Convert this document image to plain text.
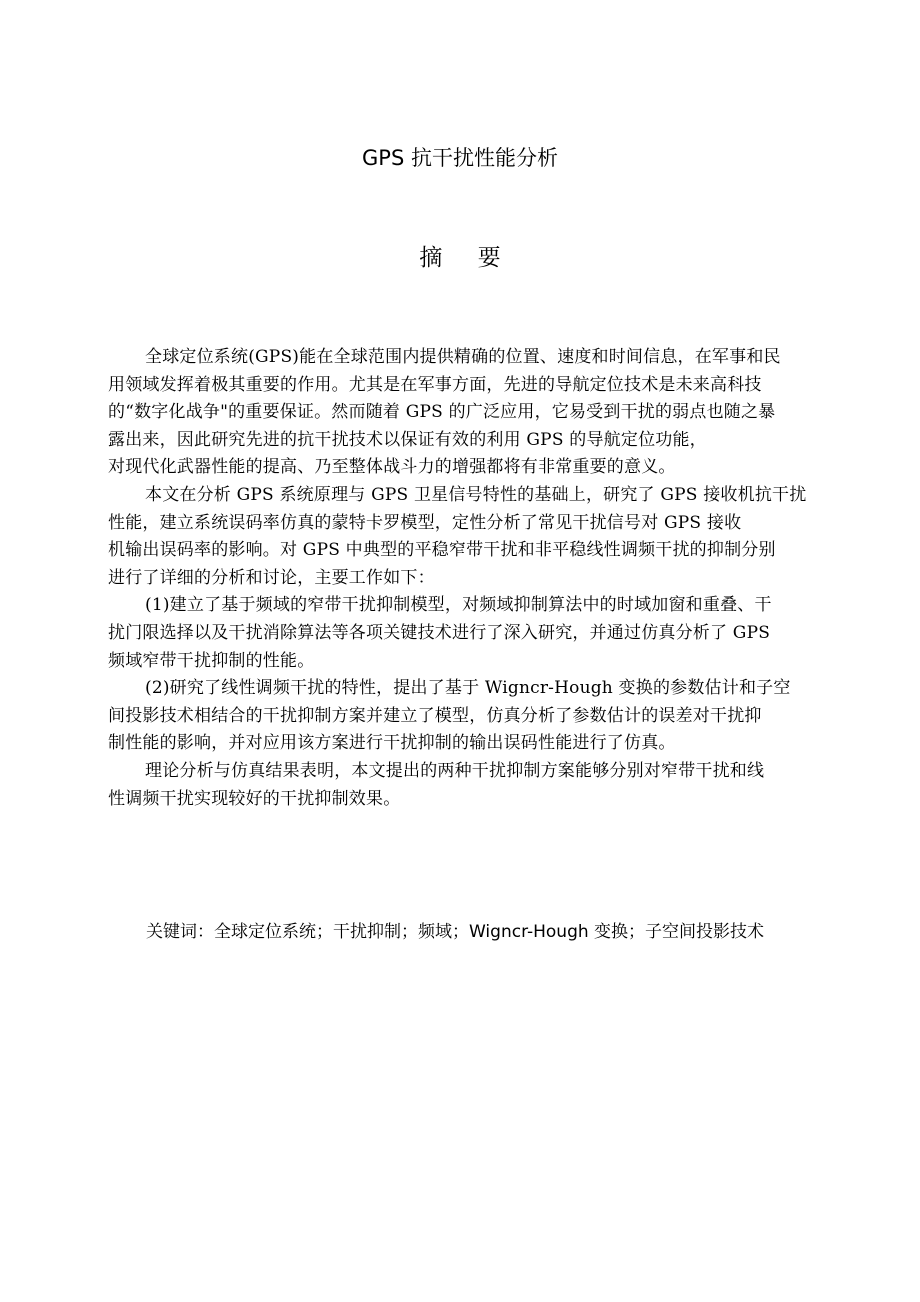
GPS 抗干扰性能分析
摘 要
全球定位系统(GPS)能在全球范围内提供精确的位置、速度和时间信息，在军事和民
用领域发挥着极其重要的作用。尤其是在军事方面，先进的导航定位技术是未来高科技
的“数字化战争"的重要保证。然而随着 GPS 的广泛应用，它易受到干扰的弱点也随之暴
露出来，因此研究先进的抗干扰技术以保证有效的利用 GPS 的导航定位功能，
对现代化武器性能的提高、乃至整体战斗力的增强都将有非常重要的意义。
本文在分析 GPS 系统原理与 GPS 卫星信号特性的基础上，研究了 GPS 接收机抗干扰
性能，建立系统误码率仿真的蒙特卡罗模型，定性分析了常见干扰信号对 GPS 接收
机输出误码率的影响。对 GPS 中典型的平稳窄带干扰和非平稳线性调频干扰的抑制分别
进行了详细的分析和讨论，主要工作如下：
(1)建立了基于频域的窄带干扰抑制模型，对频域抑制算法中的时域加窗和重叠、干
扰门限选择以及干扰消除算法等各项关键技术进行了深入研究，并通过仿真分析了 GPS
频域窄带干扰抑制的性能。
(2)研究了线性调频干扰的特性，提出了基于 Wigncr-Hough 变换的参数估计和子空
间投影技术相结合的干扰抑制方案并建立了模型，仿真分析了参数估计的误差对干扰抑
制性能的影响，并对应用该方案进行干扰抑制的输出误码性能进行了仿真。
理论分析与仿真结果表明，本文提出的两种干扰抑制方案能够分别对窄带干扰和线
性调频干扰实现较好的干扰抑制效果。
关键词：全球定位系统；干扰抑制；频域；Wigncr-Hough 变换；子空间投影技术
